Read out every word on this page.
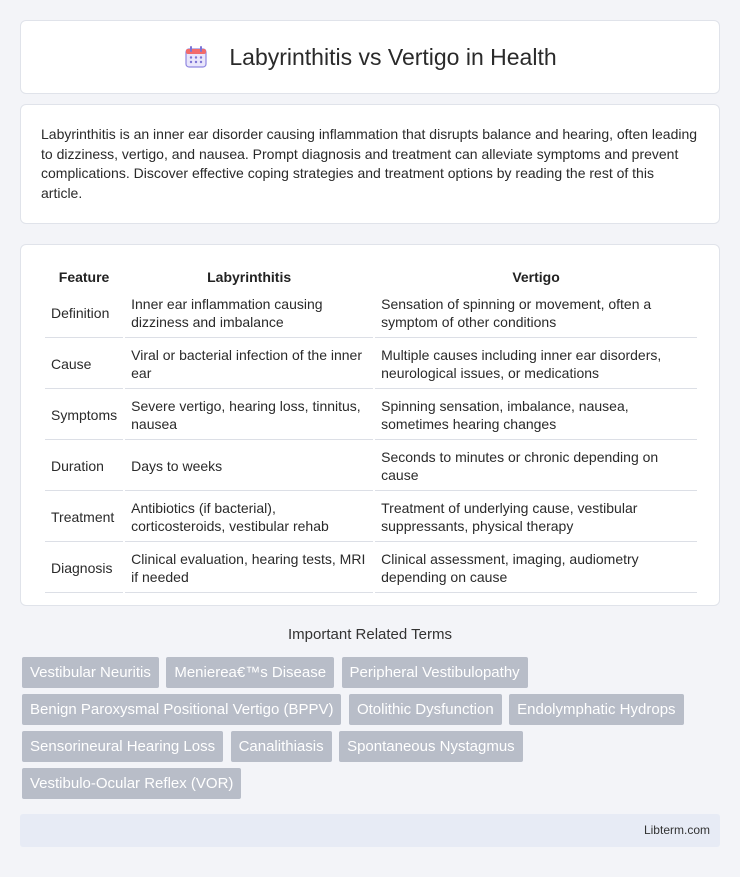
Labyrinthitis vs Vertigo in Health

Labyrinthitis is an inner ear disorder causing inflammation that disrupts balance and hearing, often leading to dizziness, vertigo, and nausea. Prompt diagnosis and treatment can alleviate symptoms and prevent complications. Discover effective coping strategies and treatment options by reading the rest of this article.

Feature	Labyrinthitis	Vertigo
Definition	Inner ear inflammation causing dizziness and imbalance	Sensation of spinning or movement, often a symptom of other conditions
Cause	Viral or bacterial infection of the inner ear	Multiple causes including inner ear disorders, neurological issues, or medications
Symptoms	Severe vertigo, hearing loss, tinnitus, nausea	Spinning sensation, imbalance, nausea, sometimes hearing changes
Duration	Days to weeks	Seconds to minutes or chronic depending on cause
Treatment	Antibiotics (if bacterial), corticosteroids, vestibular rehab	Treatment of underlying cause, vestibular suppressants, physical therapy
Diagnosis	Clinical evaluation, hearing tests, MRI if needed	Clinical assessment, imaging, audiometry depending on cause
Important Related Terms
Vestibular Neuritis Menierea€™s Disease Peripheral Vestibulopathy Benign Paroxysmal Positional Vertigo (BPPV) Otolithic Dysfunction Endolymphatic Hydrops Sensorineural Hearing Loss Canalithiasis Spontaneous Nystagmus Vestibulo-Ocular Reflex (VOR)
Libterm.com
